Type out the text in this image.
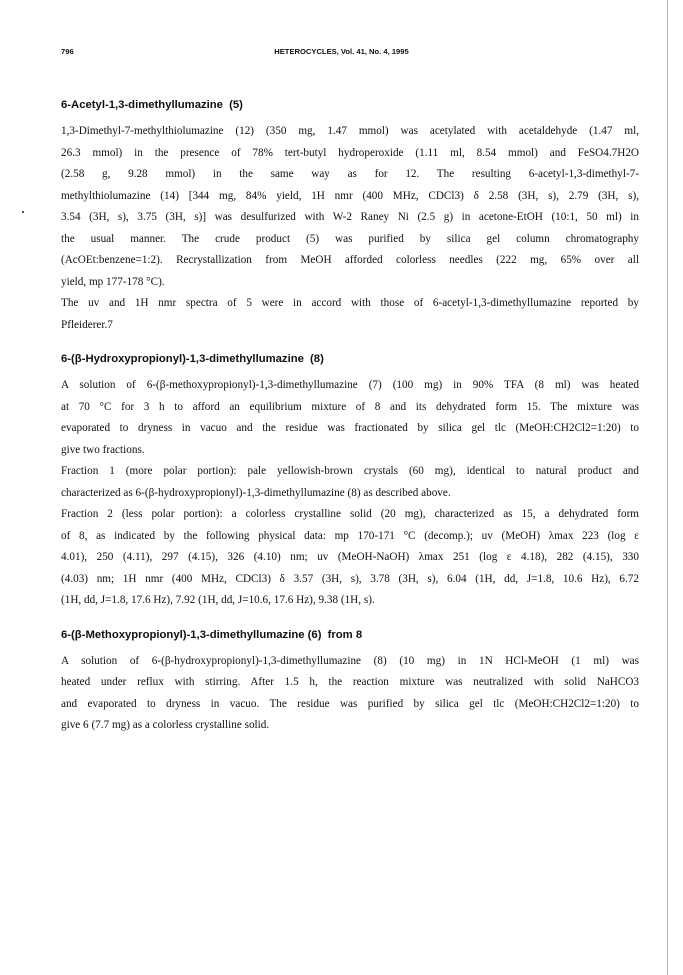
796	HETEROCYCLES, Vol. 41, No. 4, 1995
6-Acetyl-1,3-dimethyllumazine (5)

1,3-Dimethyl-7-methylthiolumazine (12) (350 mg, 1.47 mmol) was acetylated with acetaldehyde (1.47 ml,
26.3 mmol) in the presence of 78% tert-butyl hydroperoxide (1.11 ml, 8.54 mmol) and FeSO4.7H2O
(2.58 g, 9.28 mmol) in the same way as for 12. The resulting 6-acetyl-1,3-dimethyl-7-
methylthiolumazine (14) [344 mg, 84% yield, 1H nmr (400 MHz, CDCl3) δ 2.58 (3H, s), 2.79 (3H, s),
3.54 (3H, s), 3.75 (3H, s)] was desulfurized with W-2 Raney Ni (2.5 g) in acetone-EtOH (10:1, 50 ml) in
the usual manner. The crude product (5) was purified by silica gel column chromatography
(AcOEt:benzene=1:2). Recrystallization from MeOH afforded colorless needles (222 mg, 65% over all
yield, mp 177-178 °C).

The uv and 1H nmr spectra of 5 were in accord with those of 6-acetyl-1,3-dimethyllumazine reported by
Pfleiderer.7

6-(β-Hydroxypropionyl)-1,3-dimethyllumazine (8)

A solution of 6-(β-methoxypropionyl)-1,3-dimethyllumazine (7) (100 mg) in 90% TFA (8 ml) was heated
at 70 °C for 3 h to afford an equilibrium mixture of 8 and its dehydrated form 15. The mixture was
evaporated to dryness in vacuo and the residue was fractionated by silica gel tlc (MeOH:CH2Cl2=1:20) to
give two fractions.

Fraction 1 (more polar portion): pale yellowish-brown crystals (60 mg), identical to natural product and
characterized as 6-(β-hydroxypropionyl)-1,3-dimethyllumazine (8) as described above.

Fraction 2 (less polar portion): a colorless crystalline solid (20 mg), characterized as 15, a dehydrated form
of 8, as indicated by the following physical data: mp 170-171 °C (decomp.); uv (MeOH) λmax 223 (log ε
4.01), 250 (4.11), 297 (4.15), 326 (4.10) nm; uv (MeOH-NaOH) λmax 251 (log ε 4.18), 282 (4.15), 330
(4.03) nm; 1H nmr (400 MHz, CDCl3) δ 3.57 (3H, s), 3.78 (3H, s), 6.04 (1H, dd, J=1.8, 10.6 Hz), 6.72
(1H, dd, J=1.8, 17.6 Hz), 7.92 (1H, dd, J=10.6, 17.6 Hz), 9.38 (1H, s).

6-(β-Methoxypropionyl)-1,3-dimethyllumazine (6) from 8

A solution of 6-(β-hydroxypropionyl)-1,3-dimethyllumazine (8) (10 mg) in 1N HCl-MeOH (1 ml) was
heated under reflux with stirring. After 1.5 h, the reaction mixture was neutralized with solid NaHCO3
and evaporated to dryness in vacuo. The residue was purified by silica gel tlc (MeOH:CH2Cl2=1:20) to
give 6 (7.7 mg) as a colorless crystalline solid.
